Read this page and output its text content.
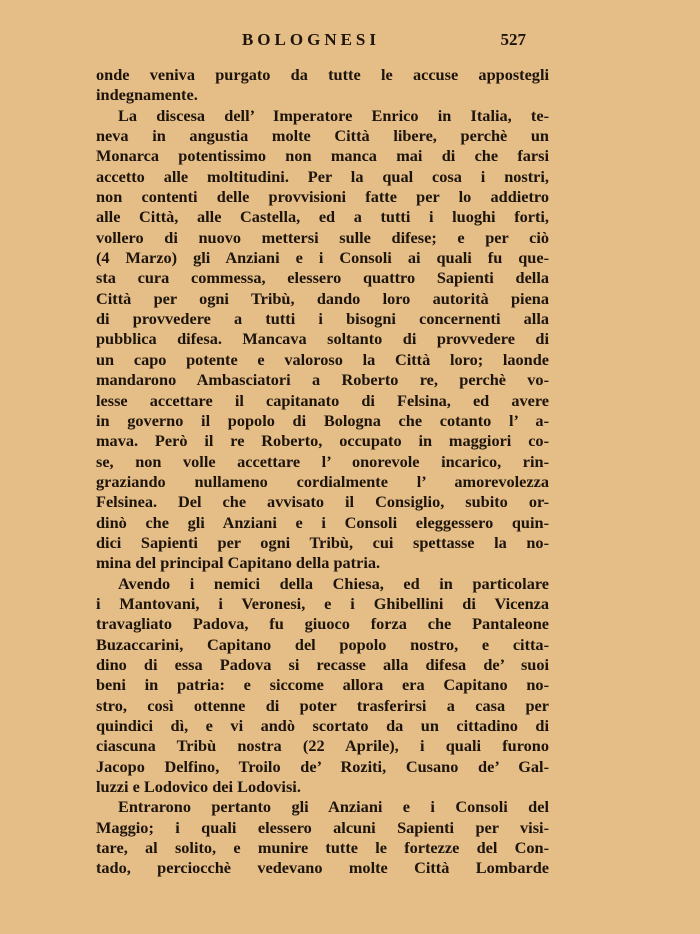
BOLOGNESI	527
onde veniva purgato da tutte le accuse appostegli
indegnamente.
La discesa dell’ Imperatore Enrico in Italia, te-
neva in angustia molte Città libere, perchè un
Monarca potentissimo non manca mai di che farsi
accetto alle moltitudini. Per la qual cosa i nostri,
non contenti delle provvisioni fatte per lo addietro
alle Città, alle Castella, ed a tutti i luoghi forti,
vollero di nuovo mettersi sulle difese; e per ciò
(4 Marzo) gli Anziani e i Consoli ai quali fu que-
sta cura commessa, elessero quattro Sapienti della
Città per ogni Tribù, dando loro autorità piena
di provvedere a tutti i bisogni concernenti alla
pubblica difesa. Mancava soltanto di provvedere di
un capo potente e valoroso la Città loro; laonde
mandarono Ambasciatori a Roberto re, perchè vo-
lesse accettare il capitanato di Felsina, ed avere
in governo il popolo di Bologna che cotanto l’ a-
mava. Però il re Roberto, occupato in maggiori co-
se, non volle accettare l’ onorevole incarico, rin-
graziando nullameno cordialmente l’ amorevolezza
Felsinea. Del che avvisato il Consiglio, subito or-
dinò che gli Anziani e i Consoli eleggessero quin-
dici Sapienti per ogni Tribù, cui spettasse la no-
mina del principal Capitano della patria.
Avendo i nemici della Chiesa, ed in particolare
i Mantovani, i Veronesi, e i Ghibellini di Vicenza
travagliato Padova, fu giuoco forza che Pantaleone
Buzaccarini, Capitano del popolo nostro, e citta-
dino di essa Padova si recasse alla difesa de’ suoi
beni in patria: e siccome allora era Capitano no-
stro, così ottenne di poter trasferirsi a casa per
quindici dì, e vi andò scortato da un cittadino di
ciascuna Tribù nostra (22 Aprile), i quali furono
Jacopo Delfino, Troilo de’ Roziti, Cusano de’ Gal-
luzzi e Lodovico dei Lodovisi.
Entrarono pertanto gli Anziani e i Consoli del
Maggio; i quali elessero alcuni Sapienti per visi-
tare, al solito, e munire tutte le fortezze del Con-
tado, perciocchè vedevano molte Città Lombarde
